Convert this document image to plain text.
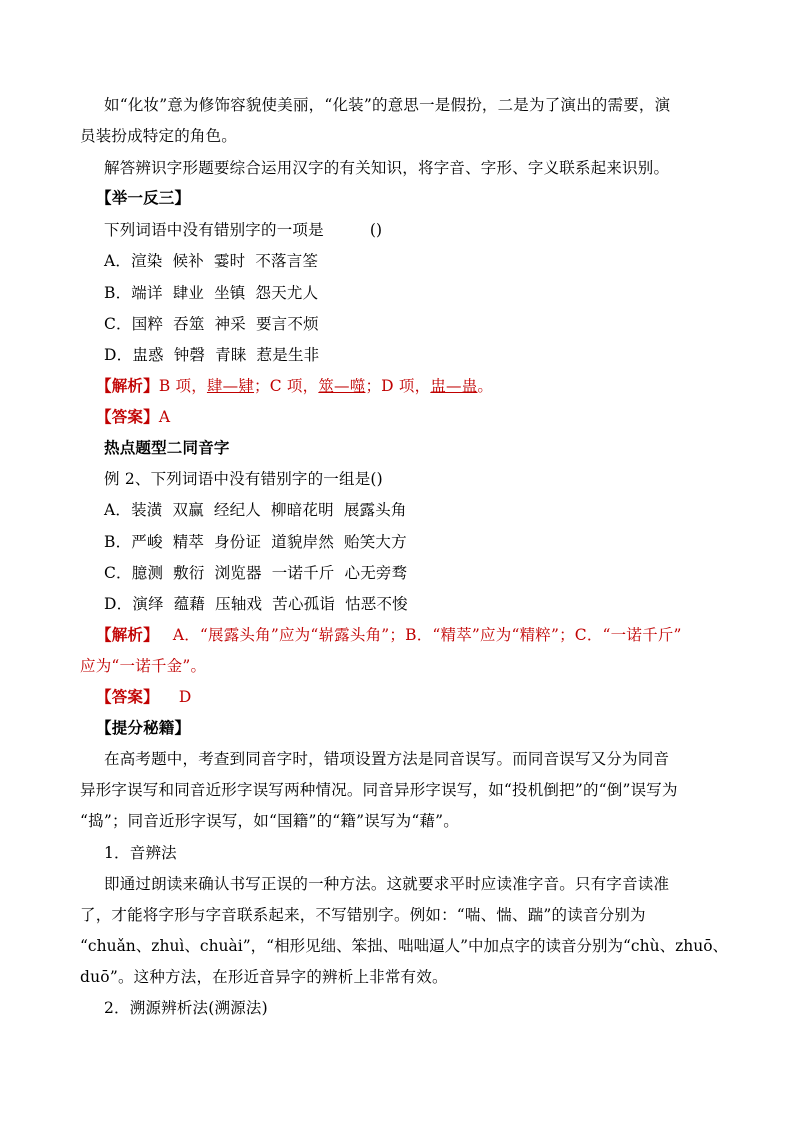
如“化妆”意为修饰容貌使美丽，“化装”的意思一是假扮，二是为了演出的需要，演
员装扮成特定的角色。
解答辨识字形题要综合运用汉字的有关知识，将字音、字形、字义联系起来识别。
【举一反三】
下列词语中没有错别字的一项是	()
A．渲染 候补 霎时 不落言筌
B．端详 肆业 坐镇 怨天尤人
C．国粹 吞筮 神采 要言不烦
D．盅惑 钟磬 青睐 惹是生非
【解析】B 项，肆—肄；C 项，筮—噬；D 项，盅—蛊。
【答案】A
热点题型二同音字
例 2、下列词语中没有错别字的一组是()
A．装潢 双赢 经纪人 柳暗花明 展露头角
B．严峻 精萃 身份证 道貌岸然 贻笑大方
C．臆测 敷衍 浏览器 一诺千斤 心无旁骛
D．演绎 蕴藉 压轴戏 苦心孤诣 怙恶不悛
【解析】 A．“展露头角”应为“崭露头角”；B．“精萃”应为“精粹”；C．“一诺千斤”
应为“一诺千金”。
【答案】 D
【提分秘籍】
在高考题中，考查到同音字时，错项设置方法是同音误写。而同音误写又分为同音
异形字误写和同音近形字误写两种情况。同音异形字误写，如“投机倒把”的“倒”误写为
“捣”；同音近形字误写，如“国籍”的“籍”误写为“藉”。
1．音辨法
即通过朗读来确认书写正误的一种方法。这就要求平时应读准字音。只有字音读准
了，才能将字形与字音联系起来，不写错别字。例如：“喘、惴、踹”的读音分别为
“chuǎn、zhuì、chuài”，“相形见绌、笨拙、咄咄逼人”中加点字的读音分别为“chù、zhuō、
duō”。这种方法，在形近音异字的辨析上非常有效。
2．溯源辨析法(溯源法)
